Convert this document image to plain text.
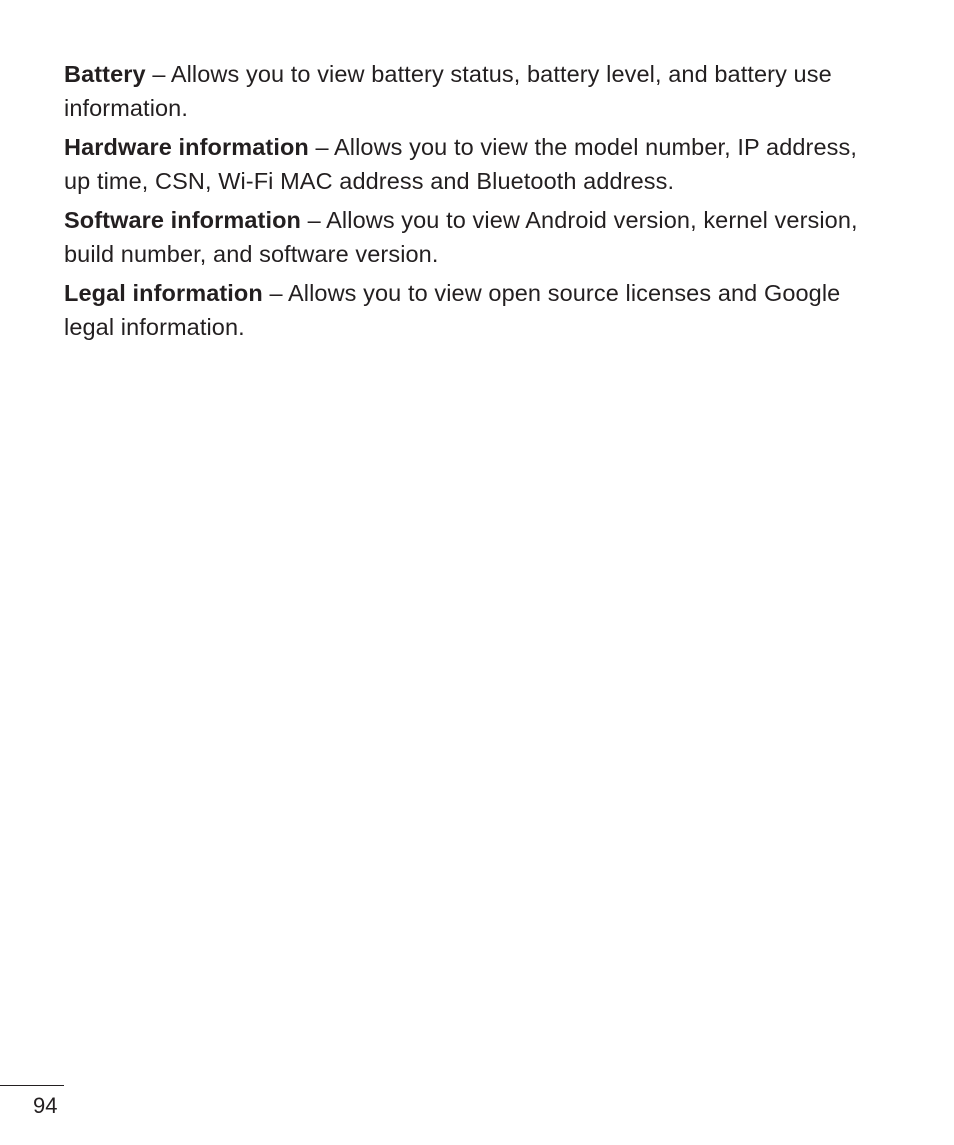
Battery – Allows you to view battery status, battery level, and battery use information.

Hardware information – Allows you to view the model number, IP address, up time, CSN, Wi-Fi MAC address and Bluetooth address.

Software information – Allows you to view Android version, kernel version, build number, and software version.

Legal information – Allows you to view open source licenses and Google legal information.

94
